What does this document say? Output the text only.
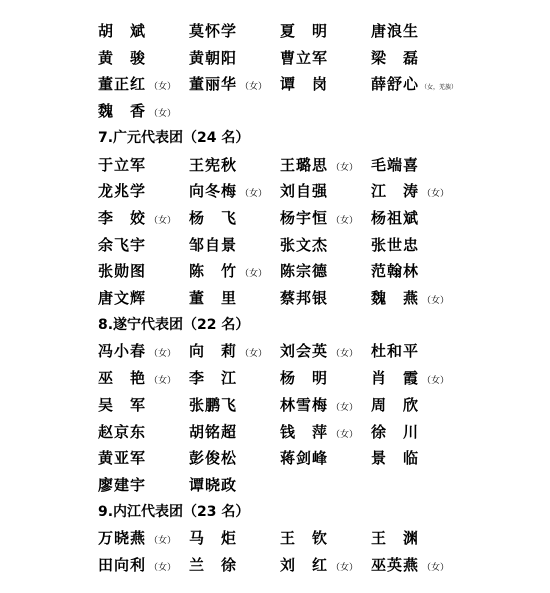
胡　斌	莫怀学	夏　明	唐浪生
黄　骏	黄朝阳	曹立军	梁　磊
董正红 （女） 董丽华 （女） 谭　岗	薛舒心 （女，羌族）
魏　香 （女）
7.广元代表团（24 名）
于立军	王宪秋	王璐思 （女） 毛端喜
龙兆学	向冬梅 （女） 刘自强	江　涛 （女）
李　姣 （女） 杨　飞	杨宇恒 （女） 杨祖斌
余飞宇	邹自景	张文杰	张世忠
张勋图	陈　竹 （女） 陈宗德	范翰林
唐文辉	董　里	蔡邦银	魏　燕 （女）
8.遂宁代表团（22 名）
冯小春 （女） 向　莉 （女） 刘会英 （女） 杜和平
巫　艳 （女） 李　江	杨　明	肖　霞 （女）
吴　军	张鹏飞	林雪梅 （女） 周　欣
赵京东	胡铭超	钱　萍 （女） 徐　川
黄亚军	彭俊松	蒋剑峰	景　临
廖建宇	谭晓政
9.内江代表团（23 名）
万晓燕 （女） 马　炬	王　钦	王　渊
田向利 （女） 兰　徐	刘　红 （女） 巫英燕 （女）
